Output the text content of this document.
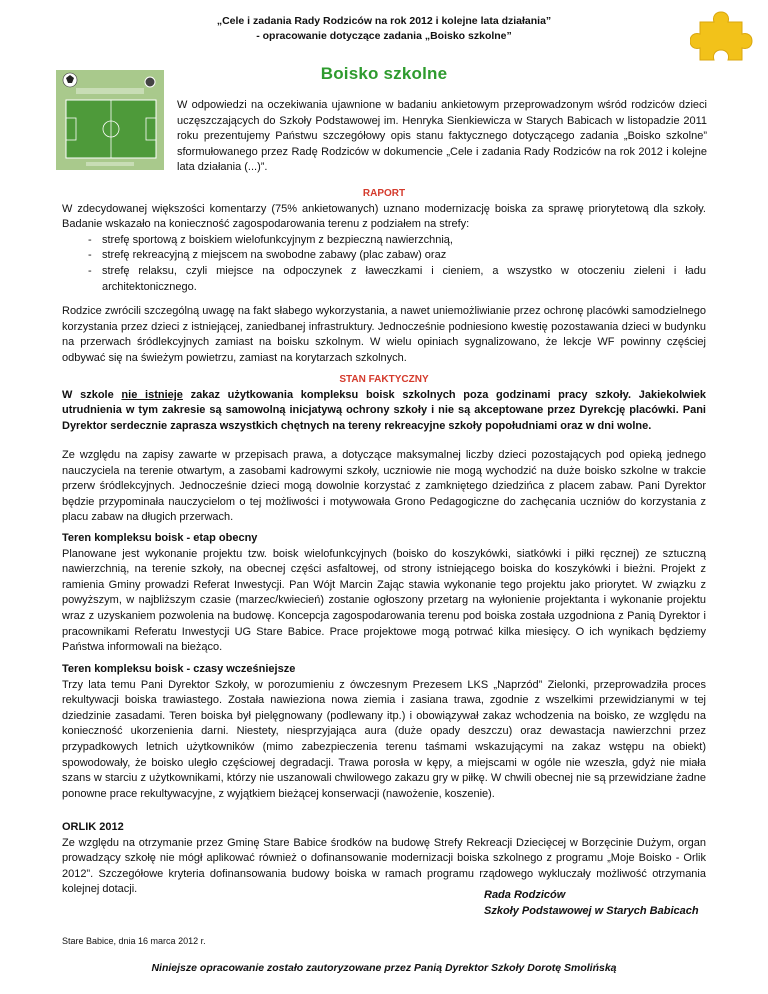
„Cele i zadania Rady Rodziców na rok 2012 i kolejne lata działania”
- opracowanie dotyczące zadania „Boisko szkolne”
Boisko szkolne

W odpowiedzi na oczekiwania ujawnione w badaniu ankietowym przeprowadzonym wśród rodziców dzieci uczęszczających do Szkoły Podstawowej im. Henryka Sienkiewicza w Starych Babicach w listopadzie 2011 roku prezentujemy Państwu szczegółowy opis stanu faktycznego dotyczącego zadania „Boisko szkolne” sformułowanego przez Radę Rodziców w dokumencie „Cele i zadania Rady Rodziców na rok 2012 i kolejne lata działania (...)”.

RAPORT

W zdecydowanej większości komentarzy (75% ankietowanych) uznano modernizację boiska za sprawę priorytetową dla szkoły. Badanie wskazało na konieczność zagospodarowania terenu z podziałem na strefy:

- strefę sportową z boiskiem wielofunkcyjnym z bezpieczną nawierzchnią,
- strefę rekreacyjną z miejscem na swobodne zabawy (plac zabaw) oraz
- strefę relaksu, czyli miejsce na odpoczynek z ławeczkami i cieniem, a wszystko w otoczeniu zieleni i ładu architektonicznego.

Rodzice zwrócili szczególną uwagę na fakt słabego wykorzystania, a nawet uniemożliwianie przez ochronę placówki samodzielnego korzystania przez dzieci z istniejącej, zaniedbanej infrastruktury. Jednocześnie podniesiono kwestię pozostawania dzieci w budynku na przerwach śródlekcyjnych zamiast na boisku szkolnym. W wielu opiniach sygnalizowano, że lekcje WF powinny częściej odbywać się na świeżym powietrzu, zamiast na korytarzach szkolnych.

STAN FAKTYCZNY

W szkole nie istnieje zakaz użytkowania kompleksu boisk szkolnych poza godzinami pracy szkoły. Jakiekolwiek utrudnienia w tym zakresie są samowolną inicjatywą ochrony szkoły i nie są akceptowane przez Dyrekcję placówki. Pani Dyrektor serdecznie zaprasza wszystkich chętnych na tereny rekreacyjne szkoły popołudniami oraz w dni wolne.

Ze względu na zapisy zawarte w przepisach prawa, a dotyczące maksymalnej liczby dzieci pozostających pod opieką jednego nauczyciela na terenie otwartym, a zasobami kadrowymi szkoły, uczniowie nie mogą wychodzić na duże boisko szkolne w trakcie przerw śródlekcyjnych. Jednocześnie dzieci mogą dowolnie korzystać z zamkniętego dziedzińca z placem zabaw. Pani Dyrektor będzie przypominała nauczycielom o tej możliwości i motywowała Grono Pedagogiczne do zachęcania uczniów do korzystania z placu zabaw na długich przerwach.

Teren kompleksu boisk - etap obecny

Planowane jest wykonanie projektu tzw. boisk wielofunkcyjnych (boisko do koszykówki, siatkówki i piłki ręcznej) ze sztuczną nawierzchnią, na terenie szkoły, na obecnej części asfaltowej, od strony istniejącego boiska do koszykówki i bieżni. Projekt z ramienia Gminy prowadzi Referat Inwestycji. Pan Wójt Marcin Zając stawia wykonanie tego projektu jako priorytet. W związku z powyższym, w najbliższym czasie (marzec/kwiecień) zostanie ogłoszony przetarg na wyłonienie projektanta i wykonanie projektu wraz z uzyskaniem pozwolenia na budowę. Koncepcja zagospodarowania terenu pod boiska została uzgodniona z Panią Dyrektor i pracownikami Referatu Inwestycji UG Stare Babice. Prace projektowe mogą potrwać kilka miesięcy. O ich wynikach będziemy Państwa informowali na bieżąco.

Teren kompleksu boisk - czasy wcześniejsze

Trzy lata temu Pani Dyrektor Szkoły, w porozumieniu z ówczesnym Prezesem LKS „Naprzód” Zielonki, przeprowadziła proces rekultywacji boiska trawiastego. Została nawieziona nowa ziemia i zasiana trawa, zgodnie z wszelkimi przewidzianymi w tej dziedzinie zasadami. Teren boiska był pielęgnowany (podlewany itp.) i obowiązywał zakaz wchodzenia na boisko, ze względu na konieczność ukorzenienia darni. Niestety, niesprzyjająca aura (duże opady deszczu) oraz dewastacja nawierzchni przez przypadkowych letnich użytkowników (mimo zabezpieczenia terenu taśmami wskazującymi na zakaz wstępu na obiekt) spowodowały, że boisko uległo częściowej degradacji. Trawa porosła w kępy, a miejscami w ogóle nie wzeszła, gdyż nie miała szans w starciu z użytkownikami, którzy nie uszanowali chwilowego zakazu gry w piłkę. W chwili obecnej nie są przewidziane żadne ponowne prace rekultywacyjne, z wyjątkiem bieżącej konserwacji (nawożenie, koszenie).

ORLIK 2012

Ze względu na otrzymanie przez Gminę Stare Babice środków na budowę Strefy Rekreacji Dziecięcej w Borzęcinie Dużym, organ prowadzący szkołę nie mógł aplikować również o dofinansowanie modernizacji boiska szkolnego z programu „Moje Boisko - Orlik 2012”. Szczegółowe kryteria dofinansowania budowy boiska w ramach programu rządowego wykluczały możliwość otrzymania kolejnej dotacji.	Rada Rodziców
Szkoły Podstawowej w Starych Babicach
Stare Babice, dnia 16 marca 2012 r.
Niniejsze opracowanie zostało zautoryzowane przez Panią Dyrektor Szkoły Dorotę Smolińską
